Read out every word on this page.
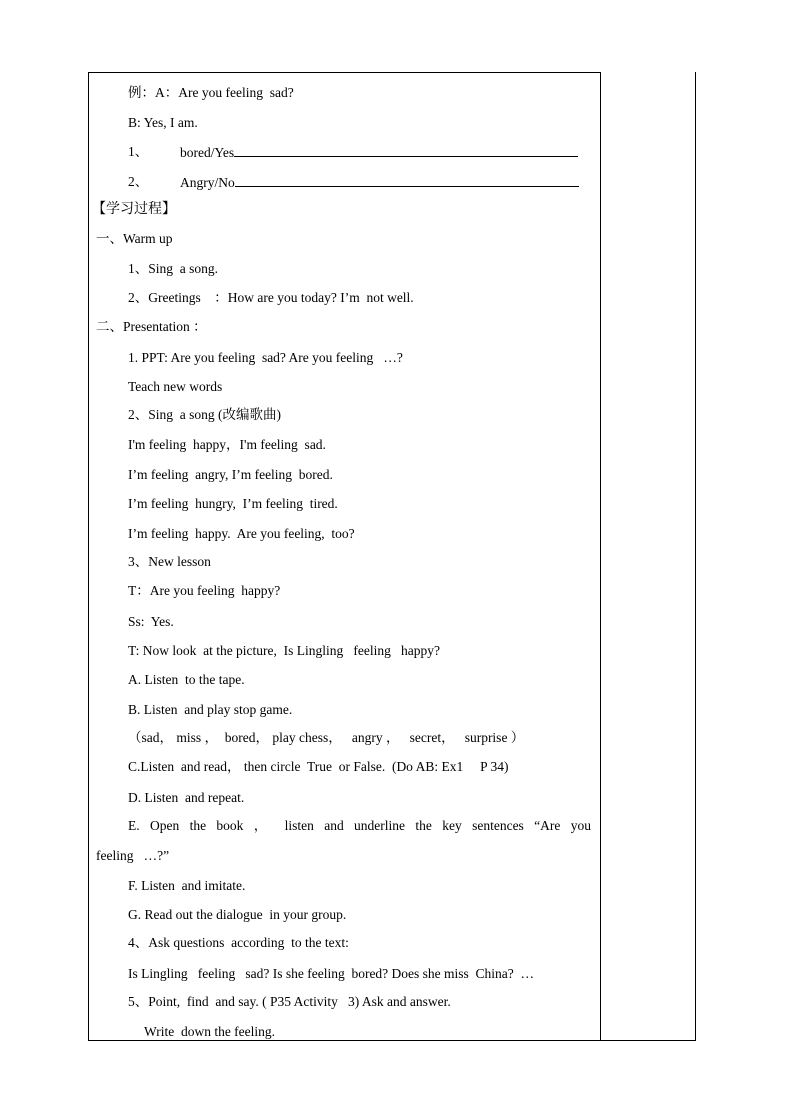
例：A：Are you feeling  sad?
B: Yes, I am.
1、 bored/Yes
2、 Angry/No
【学习过程】
一、Warm up
1、Sing  a song.
2、Greetings    ：How are you today? I’m  not well.
二、Presentation ：
1. PPT: Are you feeling  sad? Are you feeling   …?
Teach new words
2、Sing  a song (改编歌曲)
I'm feeling  happy，I'm feeling  sad.
I’m feeling  angry, I’m feeling  bored.
I’m feeling  hungry,  I’m feeling  tired.
I’m feeling  happy.  Are you feeling,  too?
3、New lesson
T：Are you feeling  happy?
Ss:  Yes.
T: Now look  at the picture,  Is Lingling   feeling   happy?
A. Listen  to the tape.
B. Listen  and play stop game.
（sad， miss ，  bored， play chess，   angry ，   secret，   surprise ）
C.Listen  and read， then circle  True  or False.  (Do AB: Ex1     P 34)
D. Listen  and repeat.
E. Open the book ， listen and underline the key sentences “Are you
feeling   …?”
F. Listen  and imitate.
G. Read out the dialogue  in your group.
4、Ask questions  according  to the text:
Is Lingling   feeling   sad? Is she feeling  bored? Does she miss  China?  …
5、Point,  find  and say. ( P35 Activity   3) Ask and answer.
Write  down the feeling.
